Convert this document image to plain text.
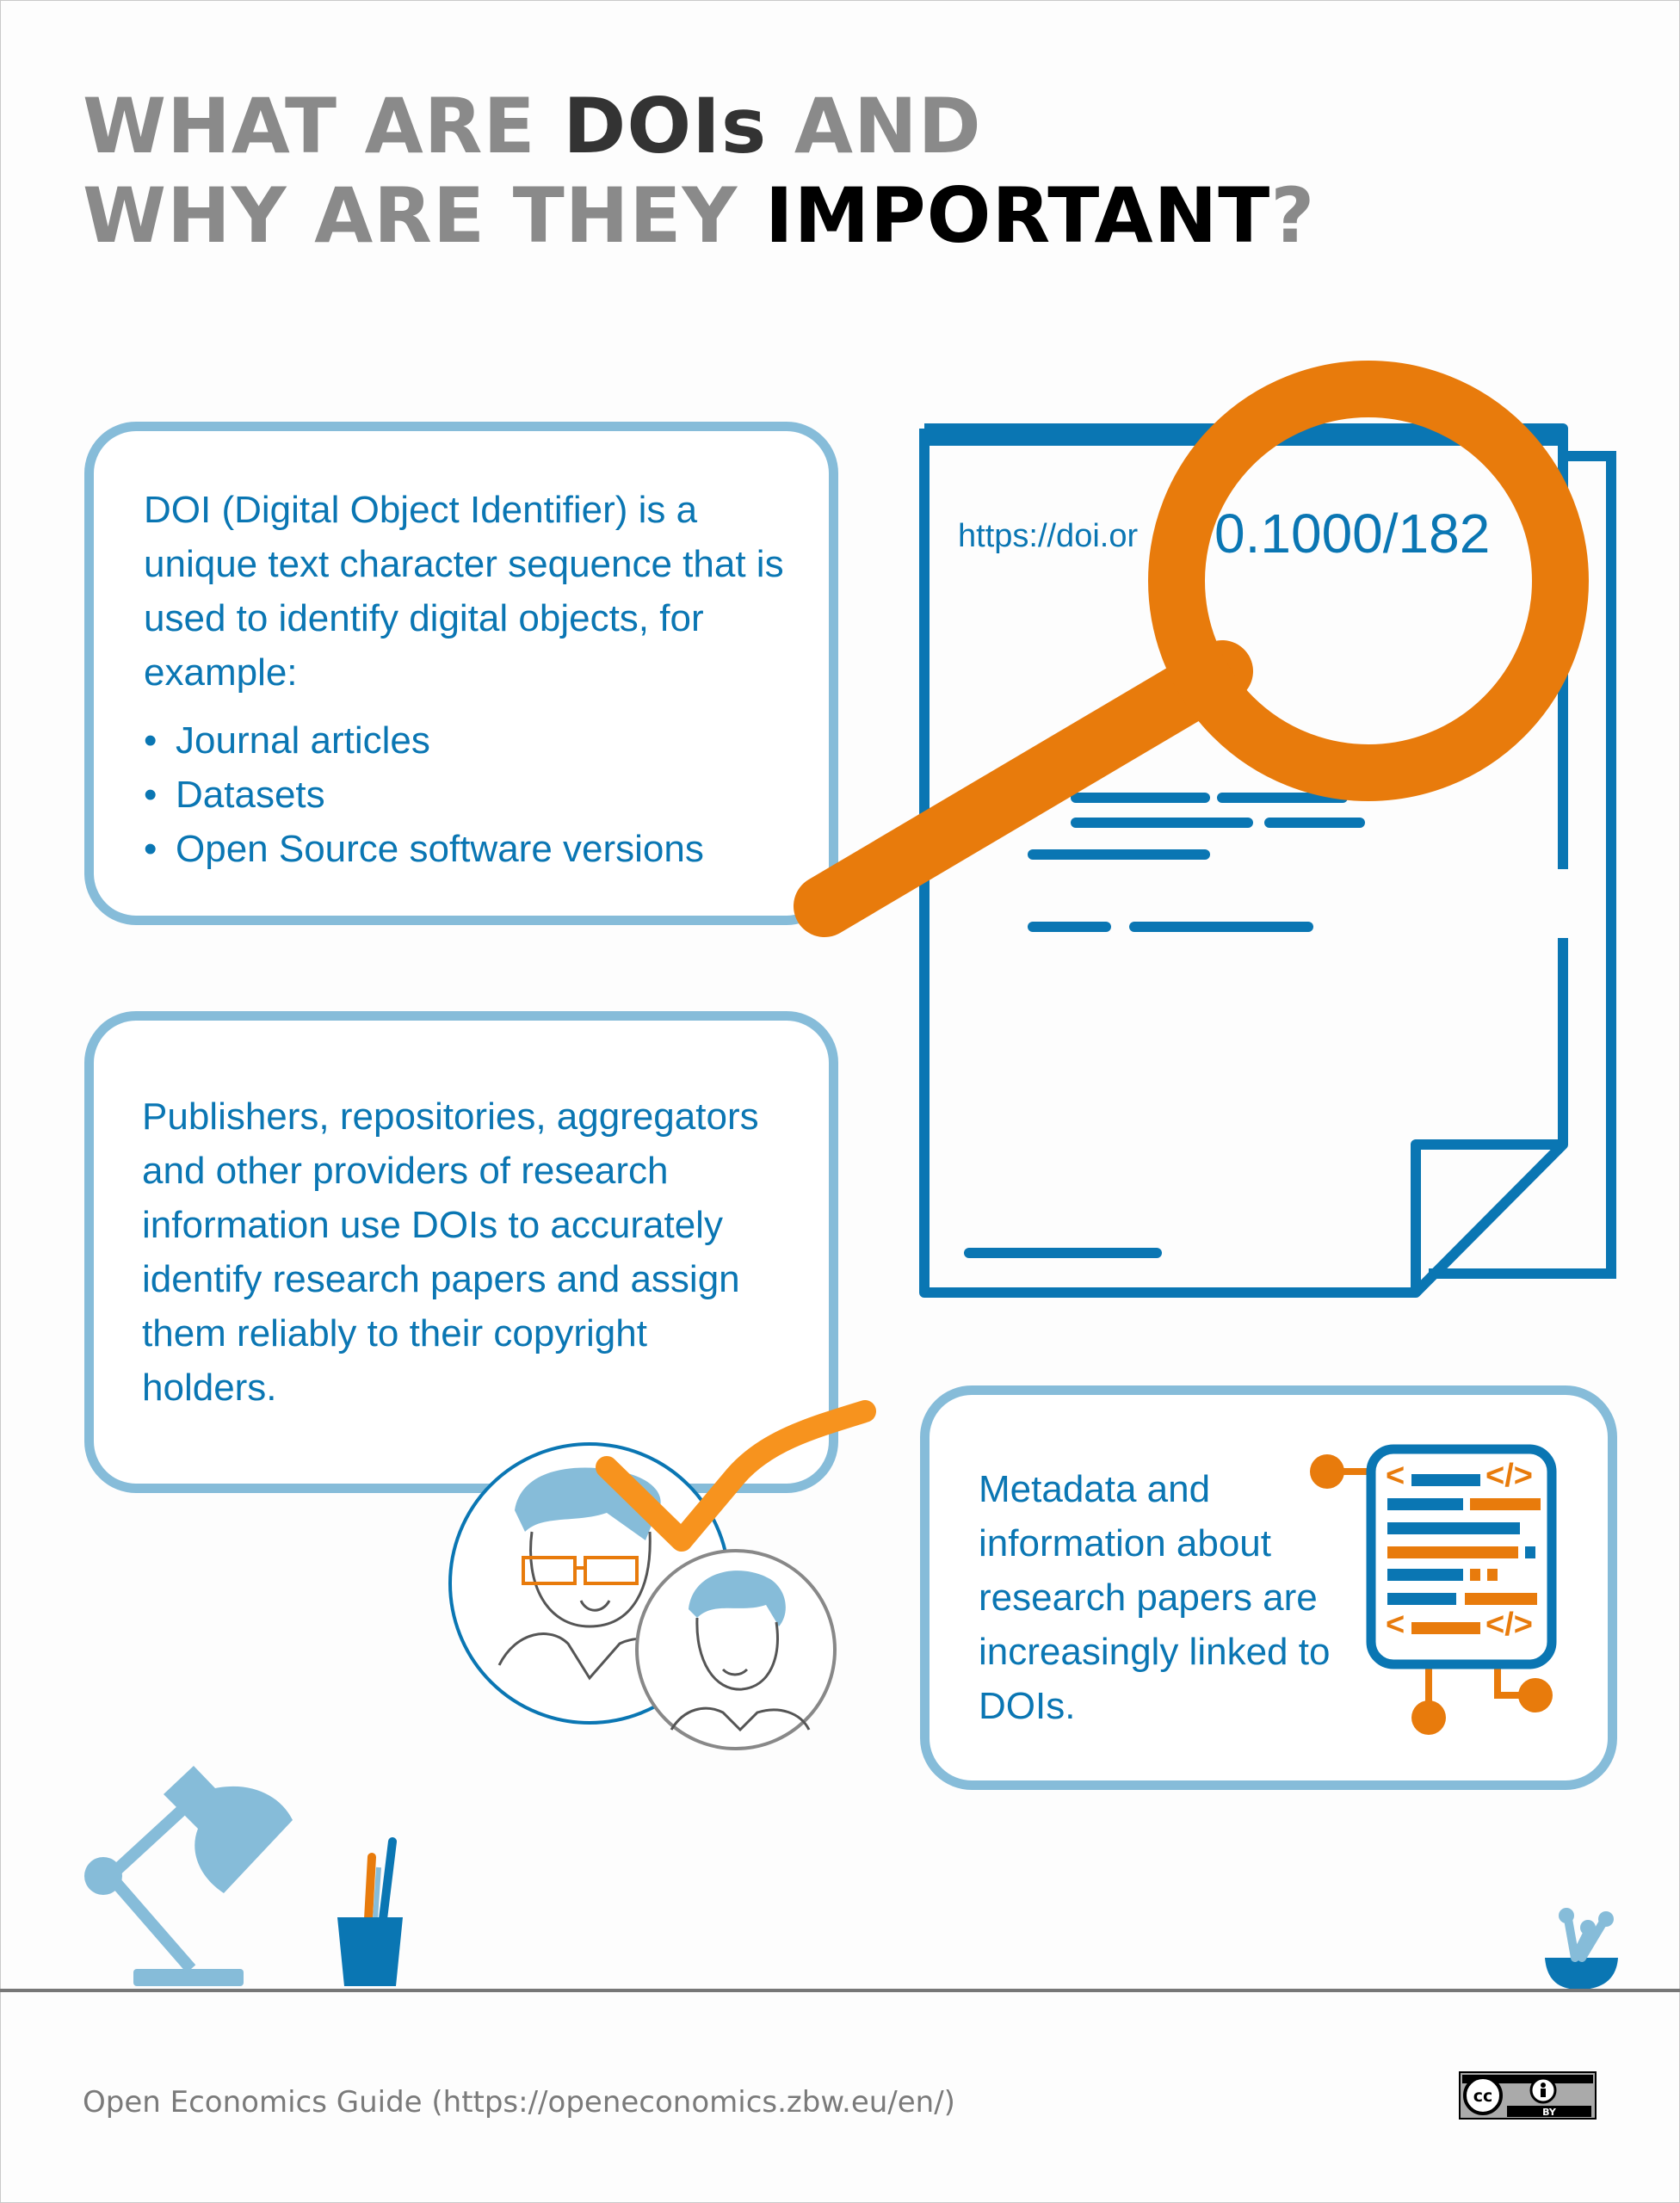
WHAT ARE DOIs AND
WHY ARE THEY IMPORTANT?
https://doi.or 0.1000/182

DOI (Digital Object Identifier) is a unique text character sequence that is used to identify digital objects, for example:

• Journal articles
• Datasets
• Open Source software versions

Publishers, repositories, aggregators and other providers of research information use DOIs to accurately identify research papers and assign them reliably to their copyright holders.

Metadata and information about research papers are increasingly linked to DOIs.

< </>
< </>
Open Economics Guide (https://openeconomics.zbw.eu/en/)	cc
BY
